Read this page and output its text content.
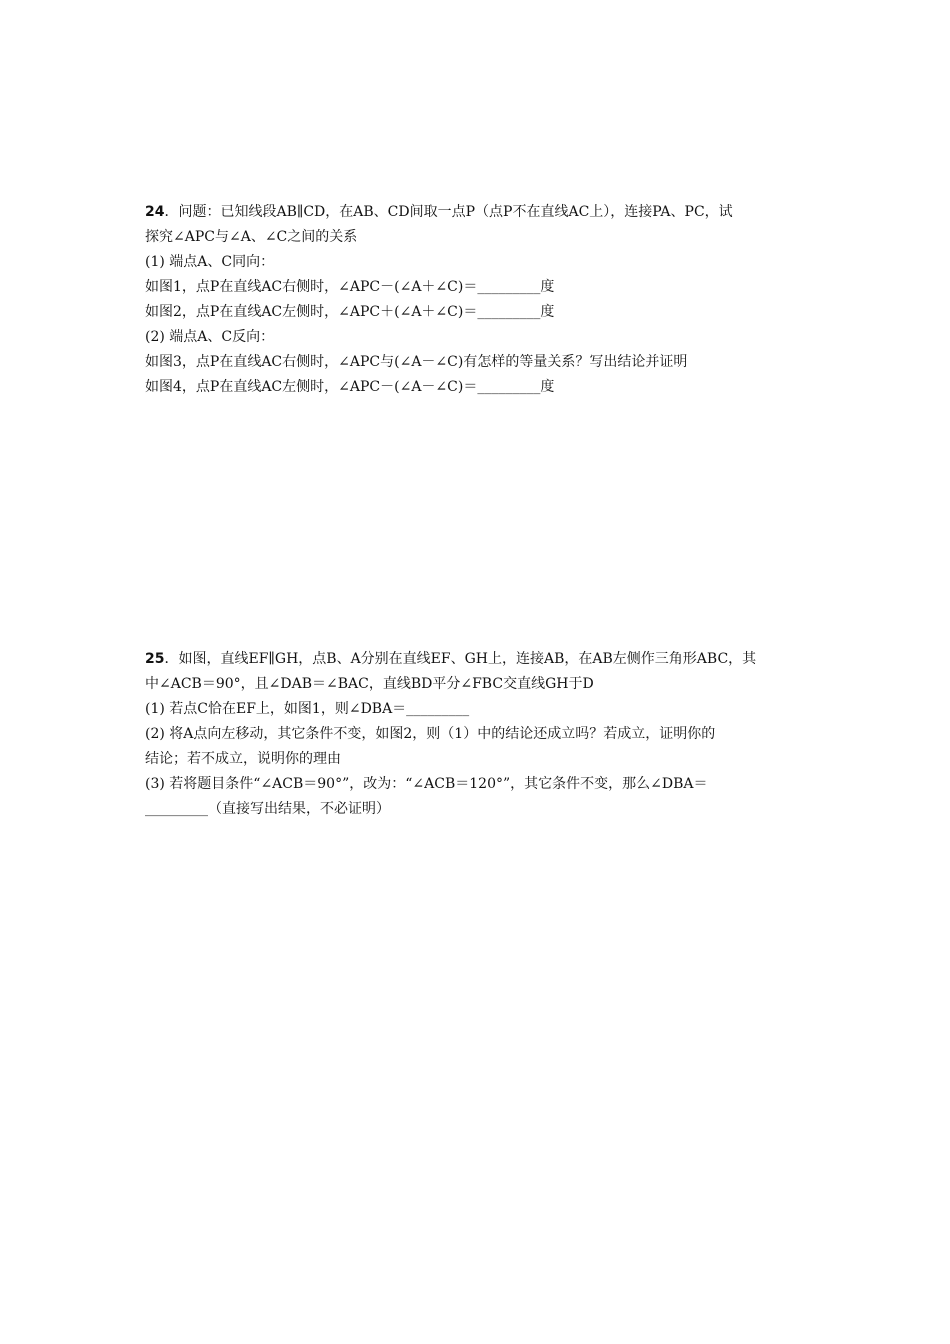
24．问题：已知线段AB∥CD，在AB、CD间取一点P（点P不在直线AC上），连接PA、PC，试
探究∠APC与∠A、∠C之间的关系
(1) 端点A、C同向：
如图1，点P在直线AC右侧时，∠APC－(∠A＋∠C)＝_________度
如图2，点P在直线AC左侧时，∠APC＋(∠A＋∠C)＝_________度
(2) 端点A、C反向：
如图3，点P在直线AC右侧时，∠APC与(∠A－∠C)有怎样的等量关系？写出结论并证明
如图4，点P在直线AC左侧时，∠APC－(∠A－∠C)＝_________度
25．如图，直线EF∥GH，点B、A分别在直线EF、GH上，连接AB，在AB左侧作三角形ABC，其
中∠ACB＝90°，且∠DAB＝∠BAC，直线BD平分∠FBC交直线GH于D
(1) 若点C恰在EF上，如图1，则∠DBA＝_________
(2) 将A点向左移动，其它条件不变，如图2，则（1）中的结论还成立吗？若成立，证明你的
结论；若不成立，说明你的理由
(3) 若将题目条件“∠ACB＝90°”，改为：“∠ACB＝120°”，其它条件不变，那么∠DBA＝
_________（直接写出结果，不必证明）
